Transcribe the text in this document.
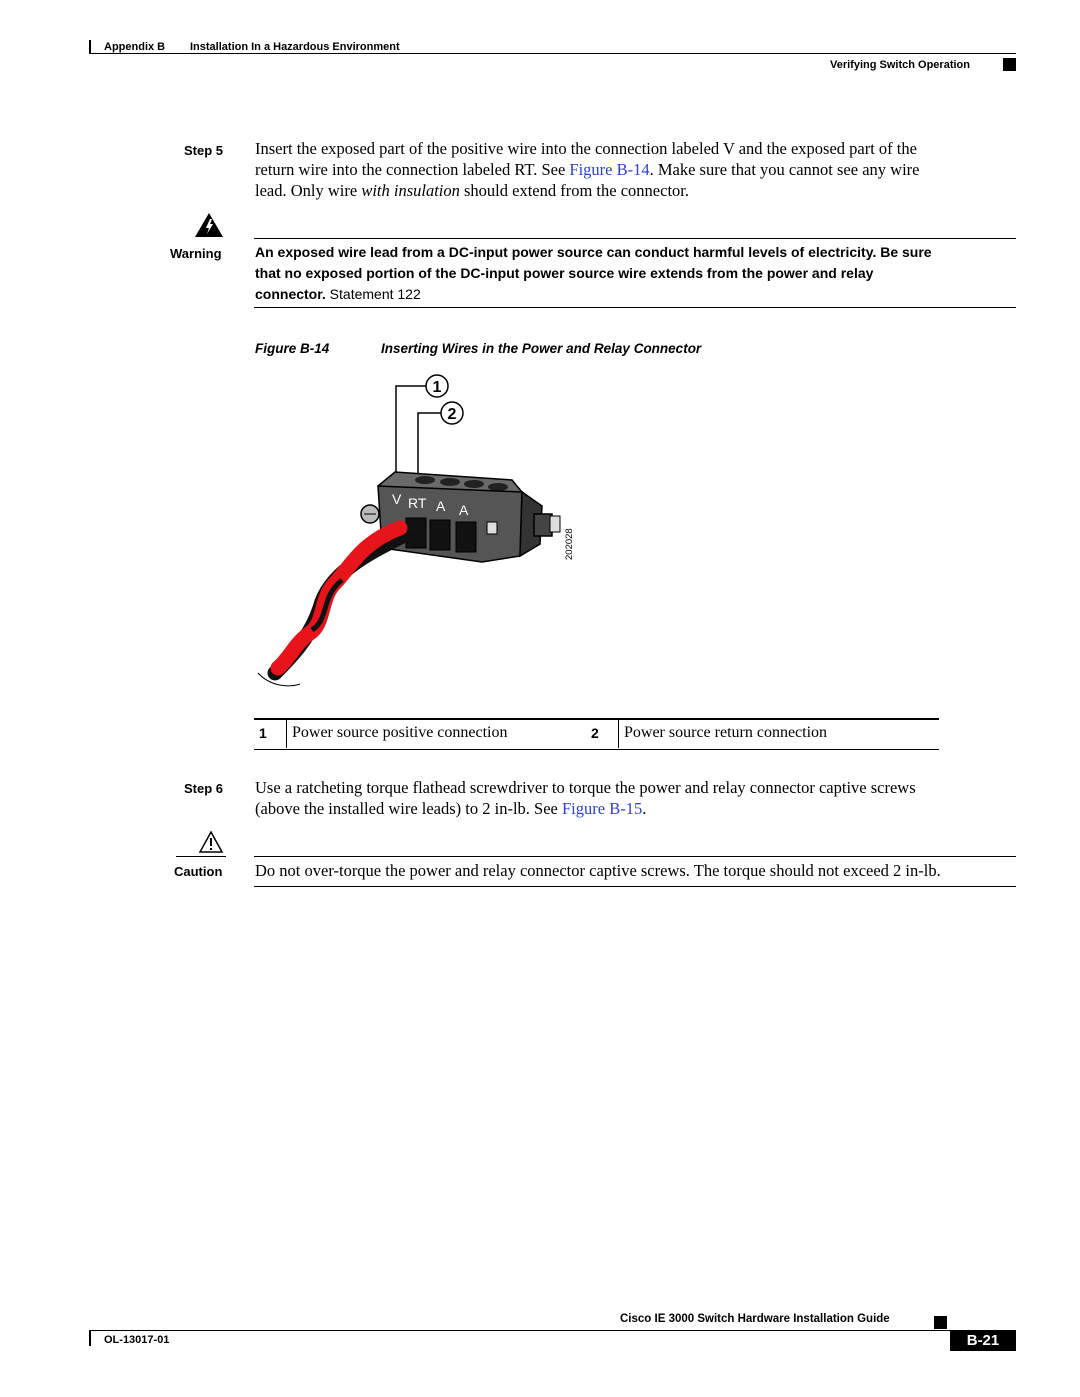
Appendix B Installation In a Hazardous Environment
Verifying Switch Operation
Step 5 Insert the exposed part of the positive wire into the connection labeled V and the exposed part of the
return wire into the connection labeled RT. See Figure B-14. Make sure that you cannot see any wire
lead. Only wire with insulation should extend from the connector.
Warning An exposed wire lead from a DC-input power source can conduct harmful levels of electricity. Be sure
that no exposed portion of the DC-input power source wire extends from the power and relay
connector. Statement 122
Figure B-14	Inserting Wires in the Power and Relay Connector
1
2
V RT A A
202028
1	Power source positive connection	2	Power source return connection
Step 6 Use a ratcheting torque flathead screwdriver to torque the power and relay connector captive screws
(above the installed wire leads) to 2 in-lb. See Figure B-15.
Caution Do not over-torque the power and relay connector captive screws. The torque should not exceed 2 in-lb.
Cisco IE 3000 Switch Hardware Installation Guide
OL-13017-01	B-21
